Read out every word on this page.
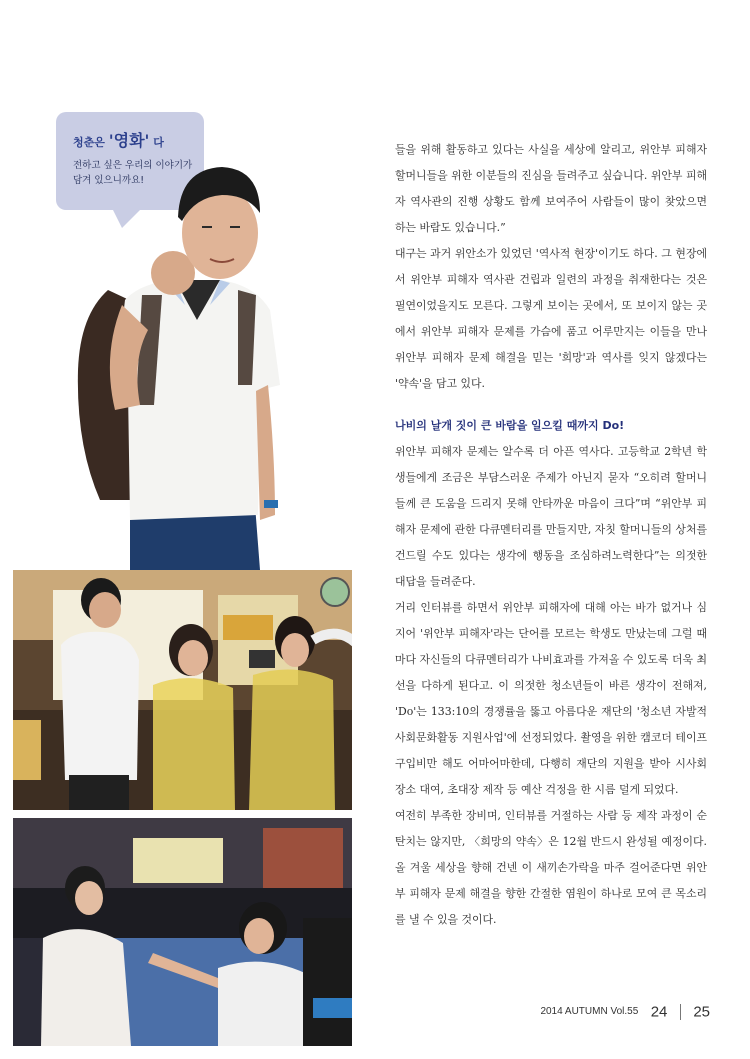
청춘은 '영화' 다
전하고 싶은 우리의 이야기가
담겨 있으니까요!

들을 위해 활동하고 있다는 사실을 세상에 알리고, 위안부 피해자 할머니들을 위한 이분들의 진심을 들려주고 싶습니다. 위안부 피해자 역사관의 진행 상황도 함께 보여주어 사람들이 많이 찾았으면 하는 바람도 있습니다.”

대구는 과거 위안소가 있었던 '역사적 현장'이기도 하다. 그 현장에서 위안부 피해자 역사관 건립과 일련의 과정을 취재한다는 것은 필연이었을지도 모른다. 그렇게 보이는 곳에서, 또 보이지 않는 곳에서 위안부 피해자 문제를 가슴에 품고 어루만지는 이들을 만나 위안부 피해자 문제 해결을 믿는 '희망'과 역사를 잊지 않겠다는 '약속'을 담고 있다.

나비의 날개 짓이 큰 바람을 일으킬 때까지 Do!

위안부 피해자 문제는 알수록 더 아픈 역사다. 고등학교 2학년 학생들에게 조금은 부담스러운 주제가 아닌지 묻자 “오히려 할머니들께 큰 도움을 드리지 못해 안타까운 마음이 크다”며 “위안부 피해자 문제에 관한 다큐멘터리를 만들지만, 자칫 할머니들의 상처를 건드릴 수도 있다는 생각에 행동을 조심하려노력한다”는 의젓한 대답을 들려준다.

거리 인터뷰를 하면서 위안부 피해자에 대해 아는 바가 없거나 심지어 '위안부 피해자'라는 단어를 모르는 학생도 만났는데 그럴 때마다 자신들의 다큐멘터리가 나비효과를 가져올 수 있도록 더욱 최선을 다하게 된다고. 이 의젓한 청소년들이 바른 생각이 전해져, 'Do'는 133:10의 경쟁률을 뚫고 아름다운 재단의 '청소년 자발적 사회문화활동 지원사업'에 선정되었다. 촬영을 위한 캠코더 테이프 구입비만 해도 어마어마한데, 다행히 재단의 지원을 받아 시사회 장소 대여, 초대장 제작 등 예산 걱정을 한 시름 덜게 되었다.

여전히 부족한 장비며, 인터뷰를 거절하는 사람 등 제작 과정이 순탄치는 않지만, 〈희망의 약속〉은 12월 반드시 완성될 예정이다. 올 겨울 세상을 향해 건넨 이 새끼손가락을 마주 걸어준다면 위안부 피해자 문제 해결을 향한 간절한 염원이 하나로 모여 큰 목소리를 낼 수 있을 것이다.

2014 AUTUMN Vol.55 24 25
